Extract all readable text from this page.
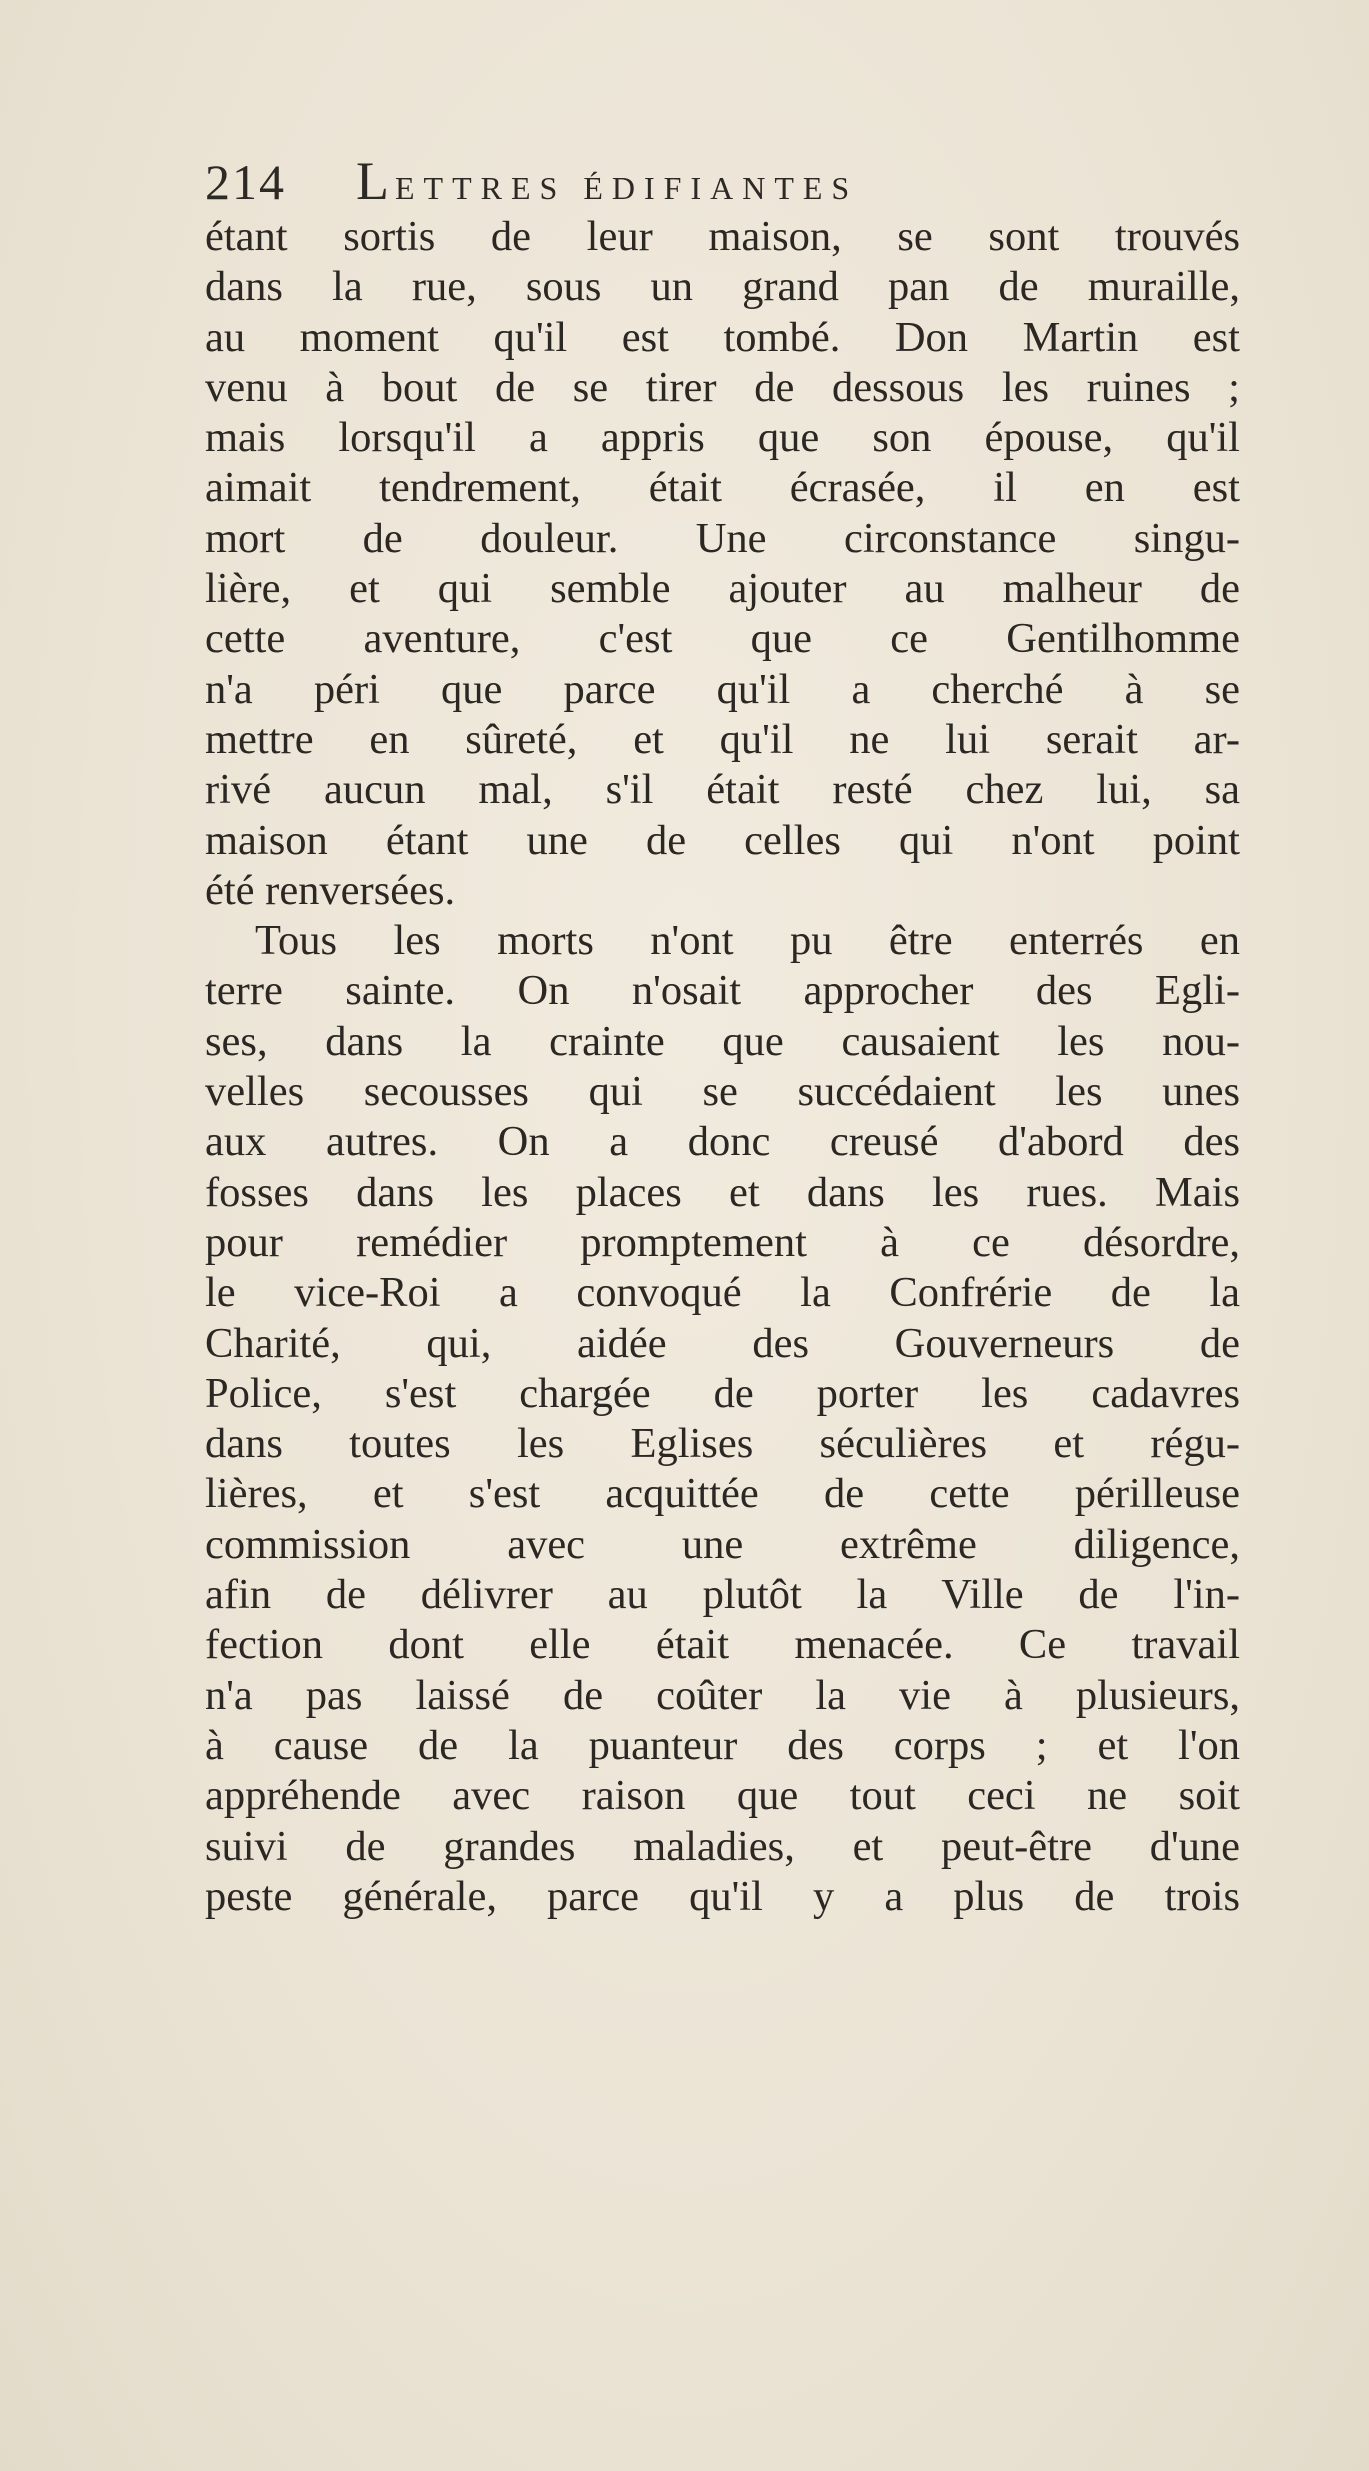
214 LETTRES ÉDIFIANTES
étant sortis de leur maison, se sont trouvés
dans la rue, sous un grand pan de muraille,
au moment qu'il est tombé. Don Martin est
venu à bout de se tirer de dessous les ruines ;
mais lorsqu'il a appris que son épouse, qu'il
aimait tendrement, était écrasée, il en est
mort de douleur. Une circonstance singu-
lière, et qui semble ajouter au malheur de
cette aventure, c'est que ce Gentilhomme
n'a péri que parce qu'il a cherché à se
mettre en sûreté, et qu'il ne lui serait ar-
rivé aucun mal, s'il était resté chez lui, sa
maison étant une de celles qui n'ont point
été renversées.
Tous les morts n'ont pu être enterrés en
terre sainte. On n'osait approcher des Egli-
ses, dans la crainte que causaient les nou-
velles secousses qui se succédaient les unes
aux autres. On a donc creusé d'abord des
fosses dans les places et dans les rues. Mais
pour remédier promptement à ce désordre,
le vice-Roi a convoqué la Confrérie de la
Charité, qui, aidée des Gouverneurs de
Police, s'est chargée de porter les cadavres
dans toutes les Eglises séculières et régu-
lières, et s'est acquittée de cette périlleuse
commission avec une extrême diligence,
afin de délivrer au plutôt la Ville de l'in-
fection dont elle était menacée. Ce travail
n'a pas laissé de coûter la vie à plusieurs,
à cause de la puanteur des corps ; et l'on
appréhende avec raison que tout ceci ne soit
suivi de grandes maladies, et peut-être d'une
peste générale, parce qu'il y a plus de trois
